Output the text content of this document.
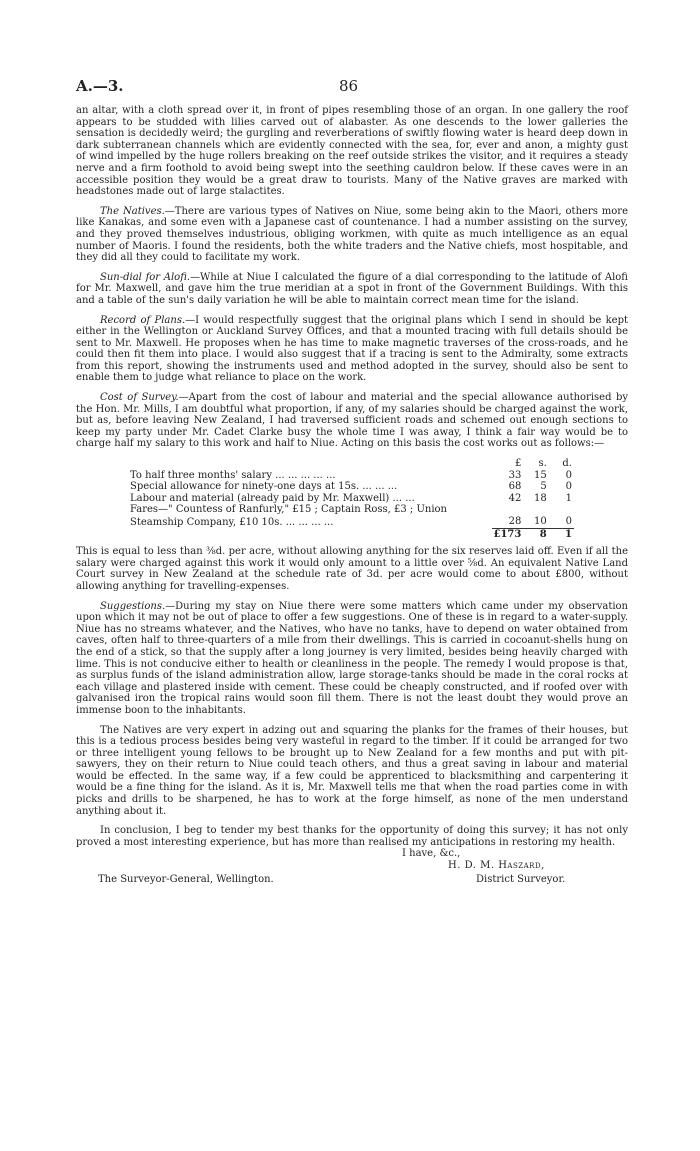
A.—3.	86

an altar, with a cloth spread over it, in front of pipes resembling those of an organ. In one gallery the roof appears to be studded with lilies carved out of alabaster. As one descends to the lower galleries the sensation is decidedly weird; the gurgling and reverberations of swiftly flowing water is heard deep down in dark subterranean channels which are evidently connected with the sea, for, ever and anon, a mighty gust of wind impelled by the huge rollers breaking on the reef outside strikes the visitor, and it requires a steady nerve and a firm foothold to avoid being swept into the seething cauldron below. If these caves were in an accessible position they would be a great draw to tourists. Many of the Native graves are marked with headstones made out of large stalactites.

The Natives.—There are various types of Natives on Niue, some being akin to the Maori, others more like Kanakas, and some even with a Japanese cast of countenance. I had a number assisting on the survey, and they proved themselves industrious, obliging workmen, with quite as much intelligence as an equal number of Maoris. I found the residents, both the white traders and the Native chiefs, most hospitable, and they did all they could to facilitate my work.

Sun-dial for Alofi.—While at Niue I calculated the figure of a dial corresponding to the latitude of Alofi for Mr. Maxwell, and gave him the true meridian at a spot in front of the Government Buildings. With this and a table of the sun's daily variation he will be able to maintain correct mean time for the island.

Record of Plans.—I would respectfully suggest that the original plans which I send in should be kept either in the Wellington or Auckland Survey Offices, and that a mounted tracing with full details should be sent to Mr. Maxwell. He proposes when he has time to make magnetic traverses of the cross-roads, and he could then fit them into place. I would also suggest that if a tracing is sent to the Admiralty, some extracts from this report, showing the instruments used and method adopted in the survey, should also be sent to enable them to judge what reliance to place on the work.

Cost of Survey.—Apart from the cost of labour and material and the special allowance authorised by the Hon. Mr. Mills, I am doubtful what proportion, if any, of my salaries should be charged against the work, but as, before leaving New Zealand, I had traversed sufficient roads and schemed out enough sections to keep my party under Mr. Cadet Clarke busy the whole time I was away, I think a fair way would be to charge half my salary to this work and half to Niue. Acting on this basis the cost works out as follows:—

	£	s.	d.
To half three months' salary ... ... ... ... ...	33	15	0
Special allowance for ninety-one days at 15s. ... ... ...	68	5	0
Labour and material (already paid by Mr. Maxwell) ... ...	42	18	1
Fares—" Countess of Ranfurly," £15 ; Captain Ross, £3 ; Union			
Steamship Company, £10 10s. ... ... ... ...	28	10	0
	£173	8	1

This is equal to less than ⅜d. per acre, without allowing anything for the six reserves laid off. Even if all the salary were charged against this work it would only amount to a little over ⅝d. An equivalent Native Land Court survey in New Zealand at the schedule rate of 3d. per acre would come to about £800, without allowing anything for travelling-expenses.

Suggestions.—During my stay on Niue there were some matters which came under my observation upon which it may not be out of place to offer a few suggestions. One of these is in regard to a water-supply. Niue has no streams whatever, and the Natives, who have no tanks, have to depend on water obtained from caves, often half to three-quarters of a mile from their dwellings. This is carried in cocoanut-shells hung on the end of a stick, so that the supply after a long journey is very limited, besides being heavily charged with lime. This is not conducive either to health or cleanliness in the people. The remedy I would propose is that, as surplus funds of the island administration allow, large storage-tanks should be made in the coral rocks at each village and plastered inside with cement. These could be cheaply constructed, and if roofed over with galvanised iron the tropical rains would soon fill them. There is not the least doubt they would prove an immense boon to the inhabitants.

The Natives are very expert in adzing out and squaring the planks for the frames of their houses, but this is a tedious process besides being very wasteful in regard to the timber. If it could be arranged for two or three intelligent young fellows to be brought up to New Zealand for a few months and put with pit-sawyers, they on their return to Niue could teach others, and thus a great saving in labour and material would be effected. In the same way, if a few could be apprenticed to blacksmithing and carpentering it would be a fine thing for the island. As it is, Mr. Maxwell tells me that when the road parties come in with picks and drills to be sharpened, he has to work at the forge himself, as none of the men understand anything about it.

In conclusion, I beg to tender my best thanks for the opportunity of doing this survey; it has not only proved a most interesting experience, but has more than realised my anticipations in restoring my health.

I have, &c.,
H. D. M. Haszard,
The Surveyor-General, Wellington.	District Surveyor.
